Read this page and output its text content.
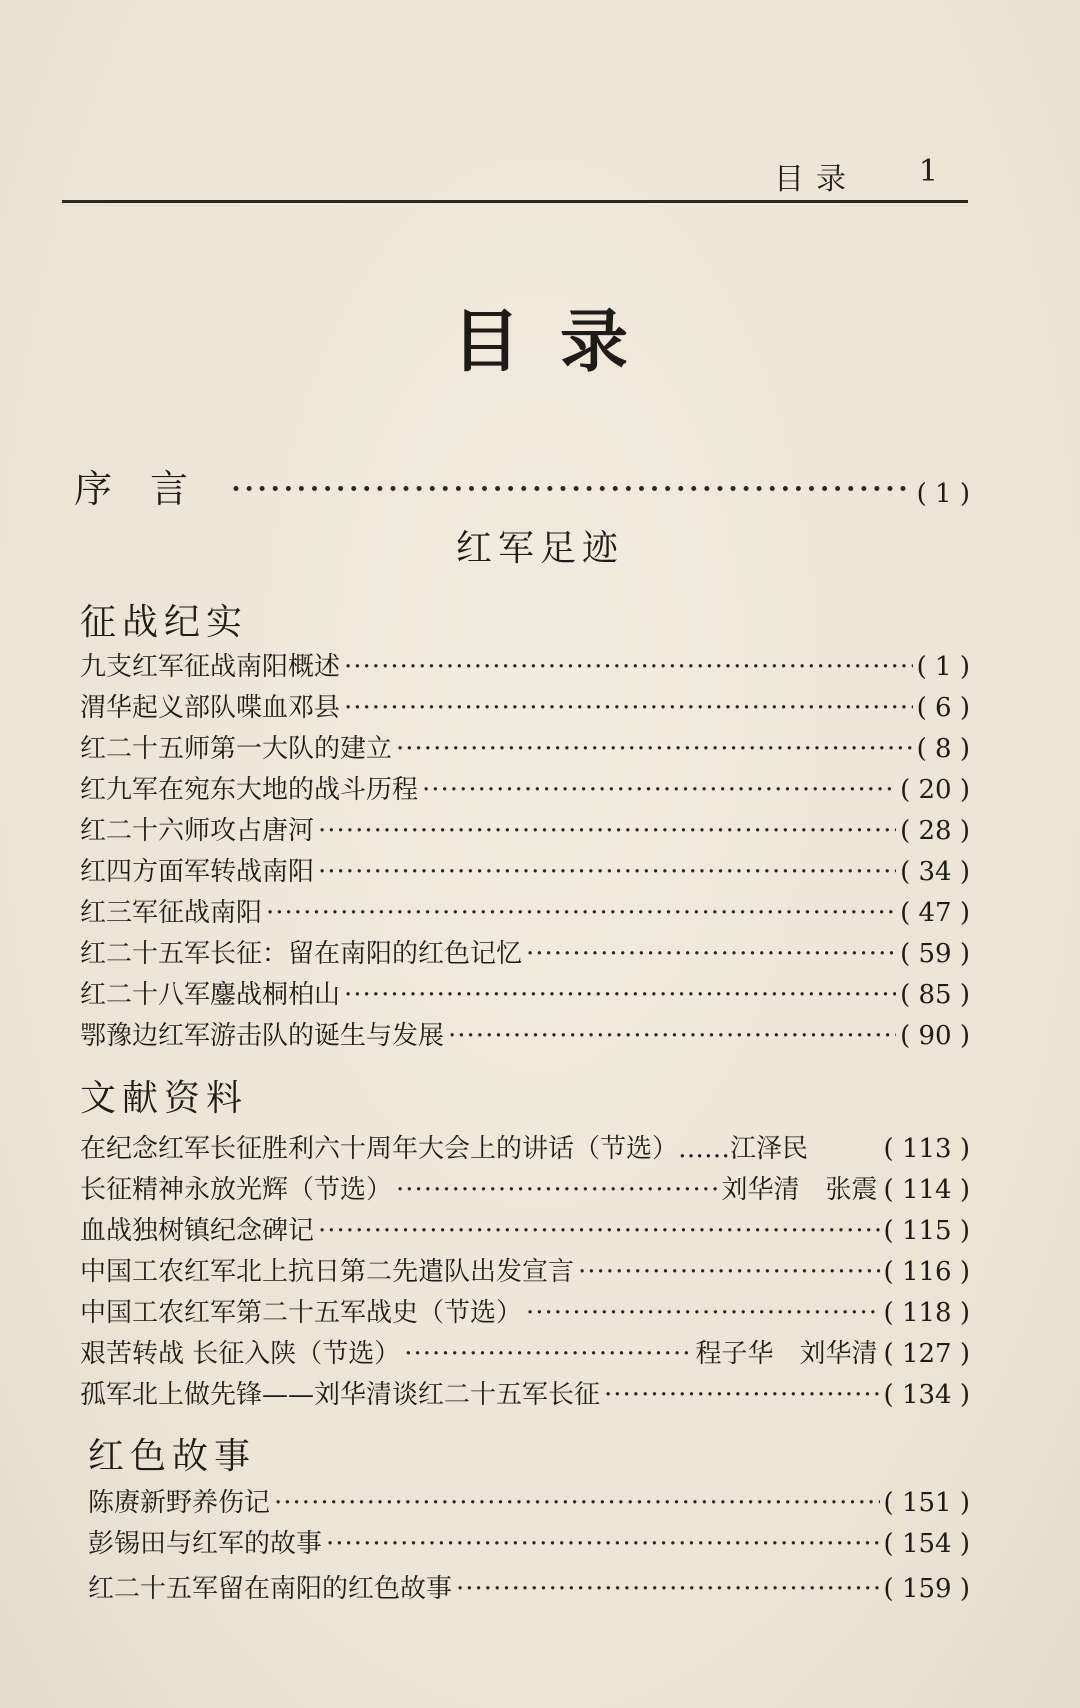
目录 1
目录
序言 ·····	( 1 )
红军足迹
征战纪实
九支红军征战南阳概述 ·····	( 1 )
渭华起义部队喋血邓县 ·····	( 6 )
红二十五师第一大队的建立 ·····	( 8 )
红九军在宛东大地的战斗历程 ·····	( 20 )
红二十六师攻占唐河 ·····	( 28 )
红四方面军转战南阳 ·····	( 34 )
红三军征战南阳 ·····	( 47 )
红二十五军长征：留在南阳的红色记忆 ·····	( 59 )
红二十八军鏖战桐柏山 ·····	( 85 )
鄂豫边红军游击队的诞生与发展 ·····	( 90 )
文献资料
在纪念红军长征胜利六十周年大会上的讲话（节选）……江泽民	( 113 )
长征精神永放光辉（节选） ·····	刘华清　张震 ( 114 )
血战独树镇纪念碑记 ·····	( 115 )
中国工农红军北上抗日第二先遣队出发宣言 ·····	( 116 )
中国工农红军第二十五军战史（节选） ·····	( 118 )
艰苦转战 长征入陕（节选） ·····	程子华　刘华清 ( 127 )
孤军北上做先锋——刘华清谈红二十五军长征 ·····	( 134 )
红色故事
陈赓新野养伤记 ·····	( 151 )
彭锡田与红军的故事 ·····	( 154 )
红二十五军留在南阳的红色故事 ·····	( 159 )
